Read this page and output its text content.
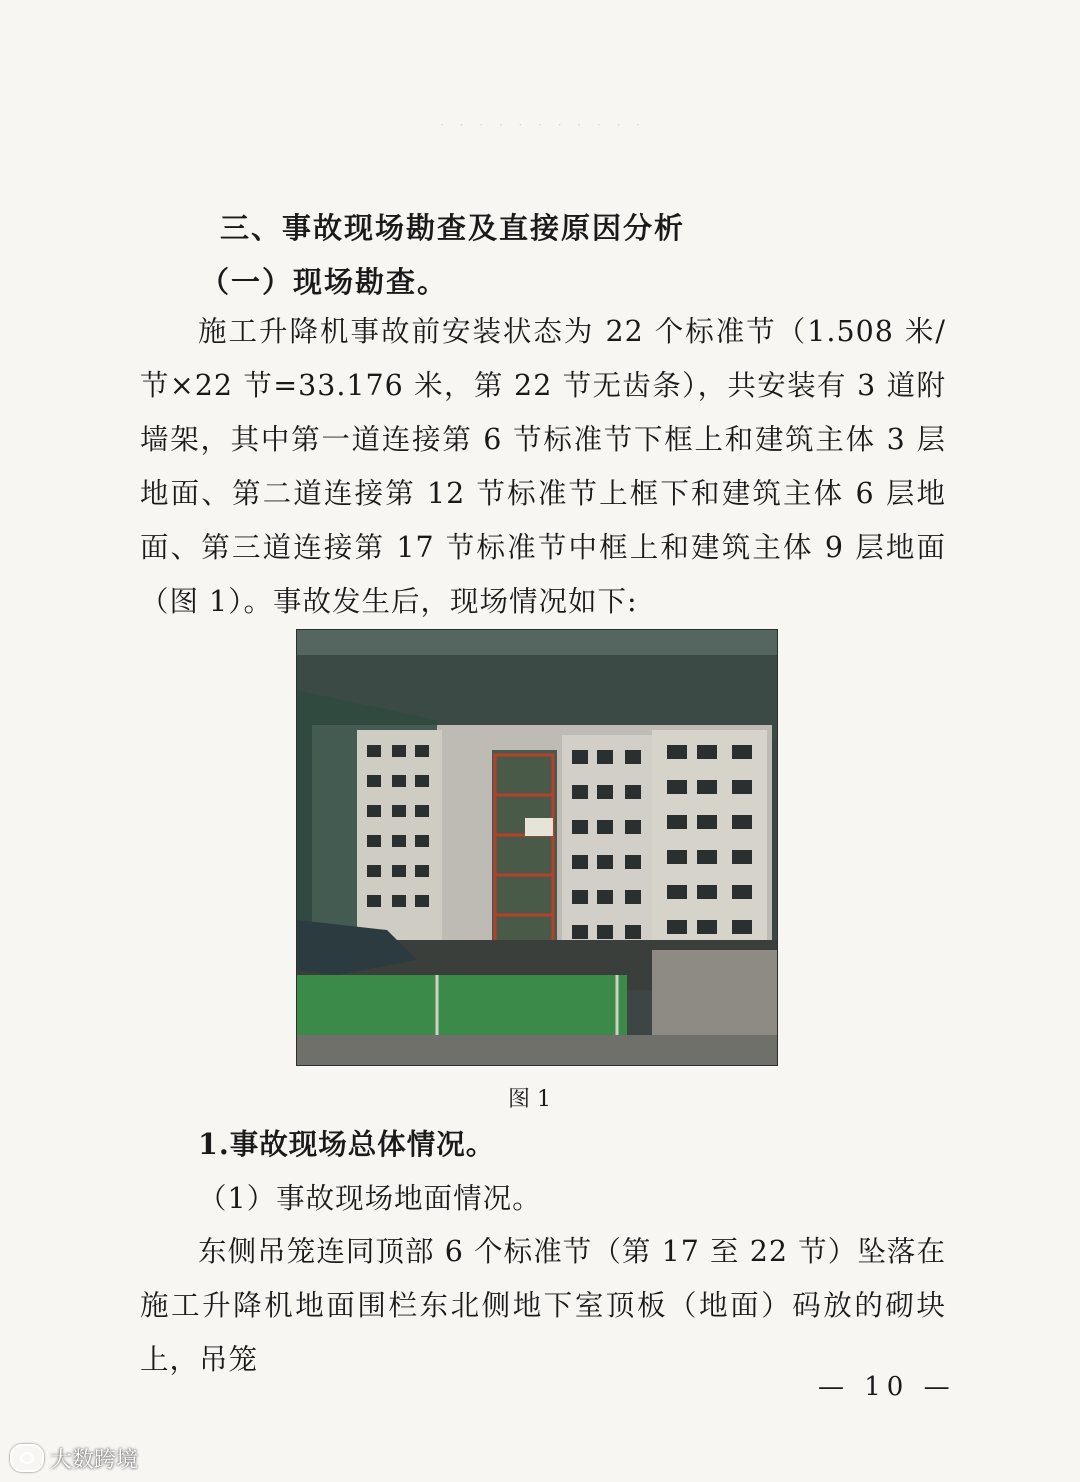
· · · · · · · · · · ·
三、事故现场勘查及直接原因分析
（一）现场勘查。
施工升降机事故前安装状态为 22 个标准节（1.508 米/节×22 节=33.176 米，第 22 节无齿条），共安装有 3 道附墙架，其中第一道连接第 6 节标准节下框上和建筑主体 3 层地面、第二道连接第 12 节标准节上框下和建筑主体 6 层地面、第三道连接第 17 节标准节中框上和建筑主体 9 层地面（图 1）。事故发生后，现场情况如下:
图 1
1.事故现场总体情况。
（1）事故现场地面情况。
东侧吊笼连同顶部 6 个标准节（第 17 至 22 节）坠落在施工升降机地面围栏东北侧地下室顶板（地面）码放的砌块上，吊笼
— 10 —
大数跨境
